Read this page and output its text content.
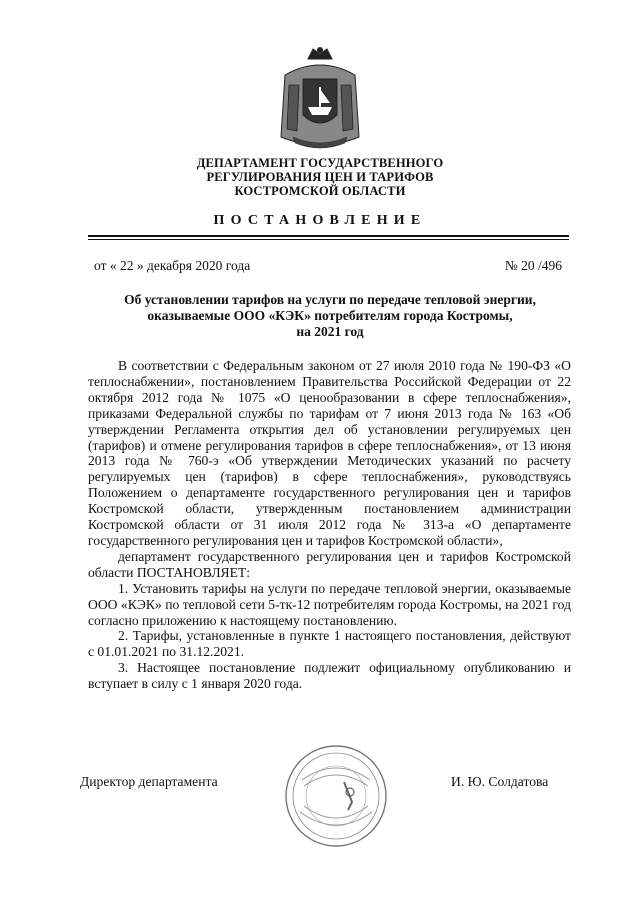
ДЕПАРТАМЕНТ ГОСУДАРСТВЕННОГО
РЕГУЛИРОВАНИЯ ЦЕН И ТАРИФОВ
КОСТРОМСКОЙ ОБЛАСТИ
ПОСТАНОВЛЕНИЕ
от « 22 » декабря 2020 года	№ 20 /496
Об установлении тарифов на услуги по передаче тепловой энергии,
оказываемые ООО «КЭК» потребителям города Костромы,
на 2021 год

В соответствии с Федеральным законом от 27 июля 2010 года № 190-ФЗ «О теплоснабжении», постановлением Правительства Российской Федерации от 22 октября 2012 года № 1075 «О ценообразовании в сфере теплоснабжения», приказами Федеральной службы по тарифам от 7 июня 2013 года № 163 «Об утверждении Регламента открытия дел об установлении регулируемых цен (тарифов) и отмене регулирования тарифов в сфере теплоснабжения», от 13 июня 2013 года № 760-э «Об утверждении Методических указаний по расчету регулируемых цен (тарифов) в сфере теплоснабжения», руководствуясь Положением о департаменте государственного регулирования цен и тарифов Костромской области, утвержденным постановлением администрации Костромской области от 31 июля 2012 года № 313-а «О департаменте государственного регулирования цен и тарифов Костромской области»,

департамент государственного регулирования цен и тарифов Костромской области ПОСТАНОВЛЯЕТ:

1. Установить тарифы на услуги по передаче тепловой энергии, оказываемые ООО «КЭК» по тепловой сети 5-тк-12 потребителям города Костромы, на 2021 год согласно приложению к настоящему постановлению.

2. Тарифы, установленные в пункте 1 настоящего постановления, действуют с 01.01.2021 по 31.12.2021.

3. Настоящее постановление подлежит официальному опубликованию и вступает в силу с 1 января 2020 года.

Директор департамента	И. Ю. Солдатова
